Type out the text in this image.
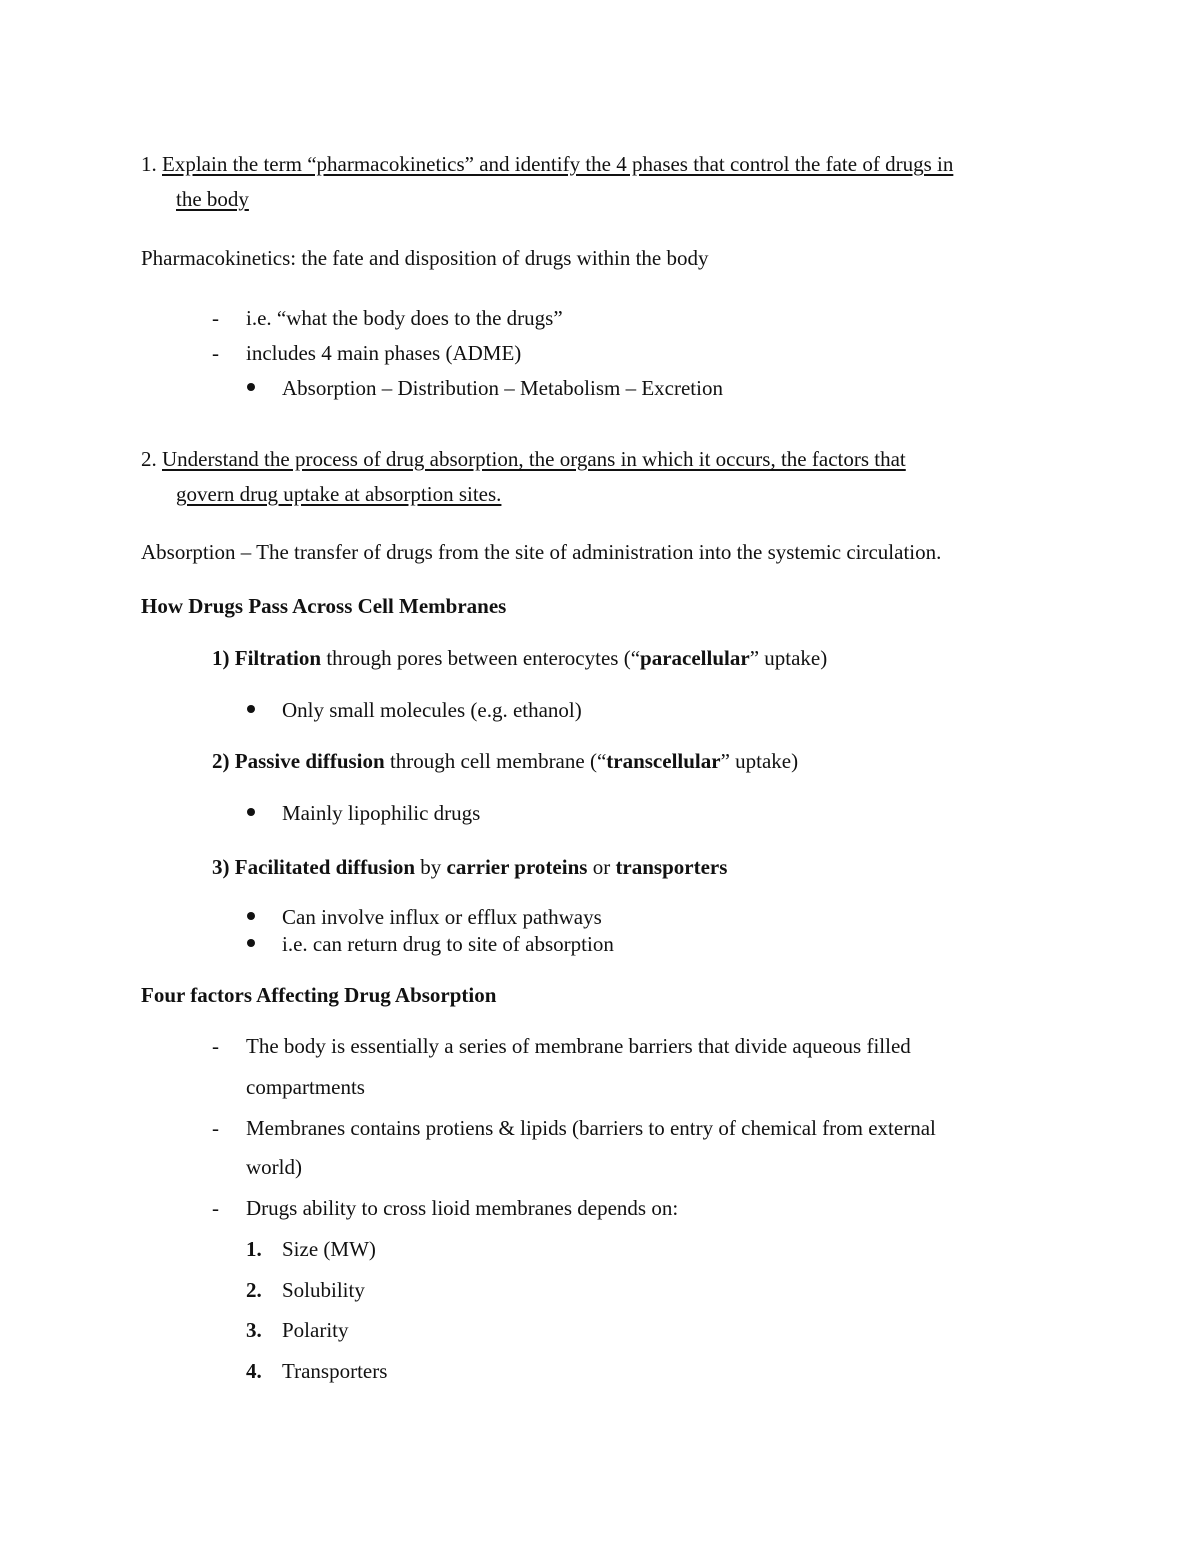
1. Explain the term “pharmacokinetics” and identify the 4 phases that control the fate of drugs in
the body
Pharmacokinetics: the fate and disposition of drugs within the body
- i.e. “what the body does to the drugs”
- includes 4 main phases (ADME)
Absorption – Distribution – Metabolism – Excretion
2. Understand the process of drug absorption, the organs in which it occurs, the factors that
govern drug uptake at absorption sites.
Absorption – The transfer of drugs from the site of administration into the systemic circulation.
How Drugs Pass Across Cell Membranes
1) Filtration through pores between enterocytes (“paracellular” uptake)
Only small molecules (e.g. ethanol)
2) Passive diffusion through cell membrane (“transcellular” uptake)
Mainly lipophilic drugs
3) Facilitated diffusion by carrier proteins or transporters
Can involve influx or efflux pathways
i.e. can return drug to site of absorption
Four factors Affecting Drug Absorption
- The body is essentially a series of membrane barriers that divide aqueous filled
compartments
- Membranes contains protiens & lipids (barriers to entry of chemical from external
world)
- Drugs ability to cross lioid membranes depends on:
1. Size (MW)
2. Solubility
3. Polarity
4. Transporters
